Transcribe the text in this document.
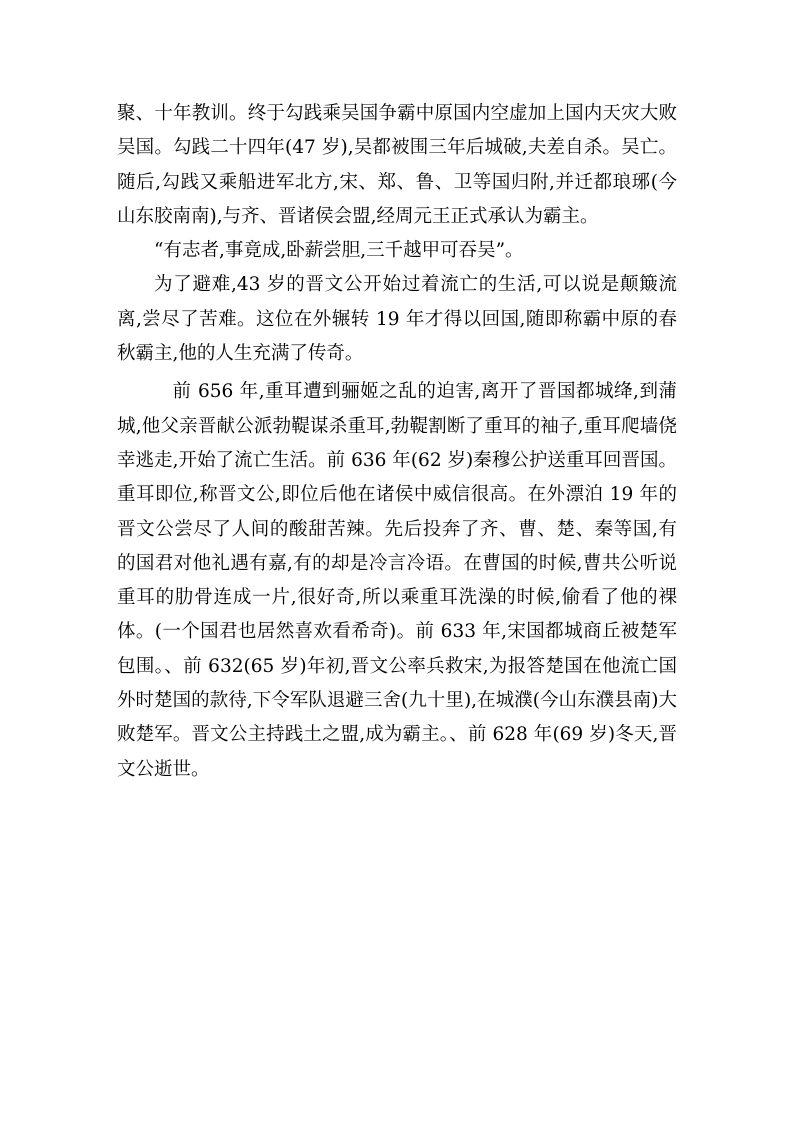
聚、十年教训。终于勾践乘吴国争霸中原国内空虚加上国内天灾大败吴国。勾践二十四年(47 岁),吴都被围三年后城破,夫差自杀。吴亡。随后,勾践又乘船进军北方,宋、郑、鲁、卫等国归附,并迁都琅琊(今山东胶南南),与齐、晋诸侯会盟,经周元王正式承认为霸主。

“有志者,事竟成,卧薪尝胆,三千越甲可吞吴”。

为了避难,43 岁的晋文公开始过着流亡的生活,可以说是颠簸流离,尝尽了苦难。这位在外辗转 19 年才得以回国,随即称霸中原的春秋霸主,他的人生充满了传奇。

前 656 年,重耳遭到骊姬之乱的迫害,离开了晋国都城绛,到蒲城,他父亲晋献公派勃鞮谋杀重耳,勃鞮割断了重耳的袖子,重耳爬墙侥幸逃走,开始了流亡生活。前 636 年(62 岁)秦穆公护送重耳回晋国。重耳即位,称晋文公,即位后他在诸侯中威信很高。在外漂泊 19 年的晋文公尝尽了人间的酸甜苦辣。先后投奔了齐、曹、楚、秦等国,有的国君对他礼遇有嘉,有的却是冷言冷语。在曹国的时候,曹共公听说重耳的肋骨连成一片,很好奇,所以乘重耳洗澡的时候,偷看了他的裸体。(一个国君也居然喜欢看希奇)。前 633 年,宋国都城商丘被楚军包围。、前 632(65 岁)年初,晋文公率兵救宋,为报答楚国在他流亡国外时楚国的款待,下令军队退避三舍(九十里),在城濮(今山东濮县南)大败楚军。晋文公主持践土之盟,成为霸主。、前 628 年(69 岁)冬天,晋文公逝世。
